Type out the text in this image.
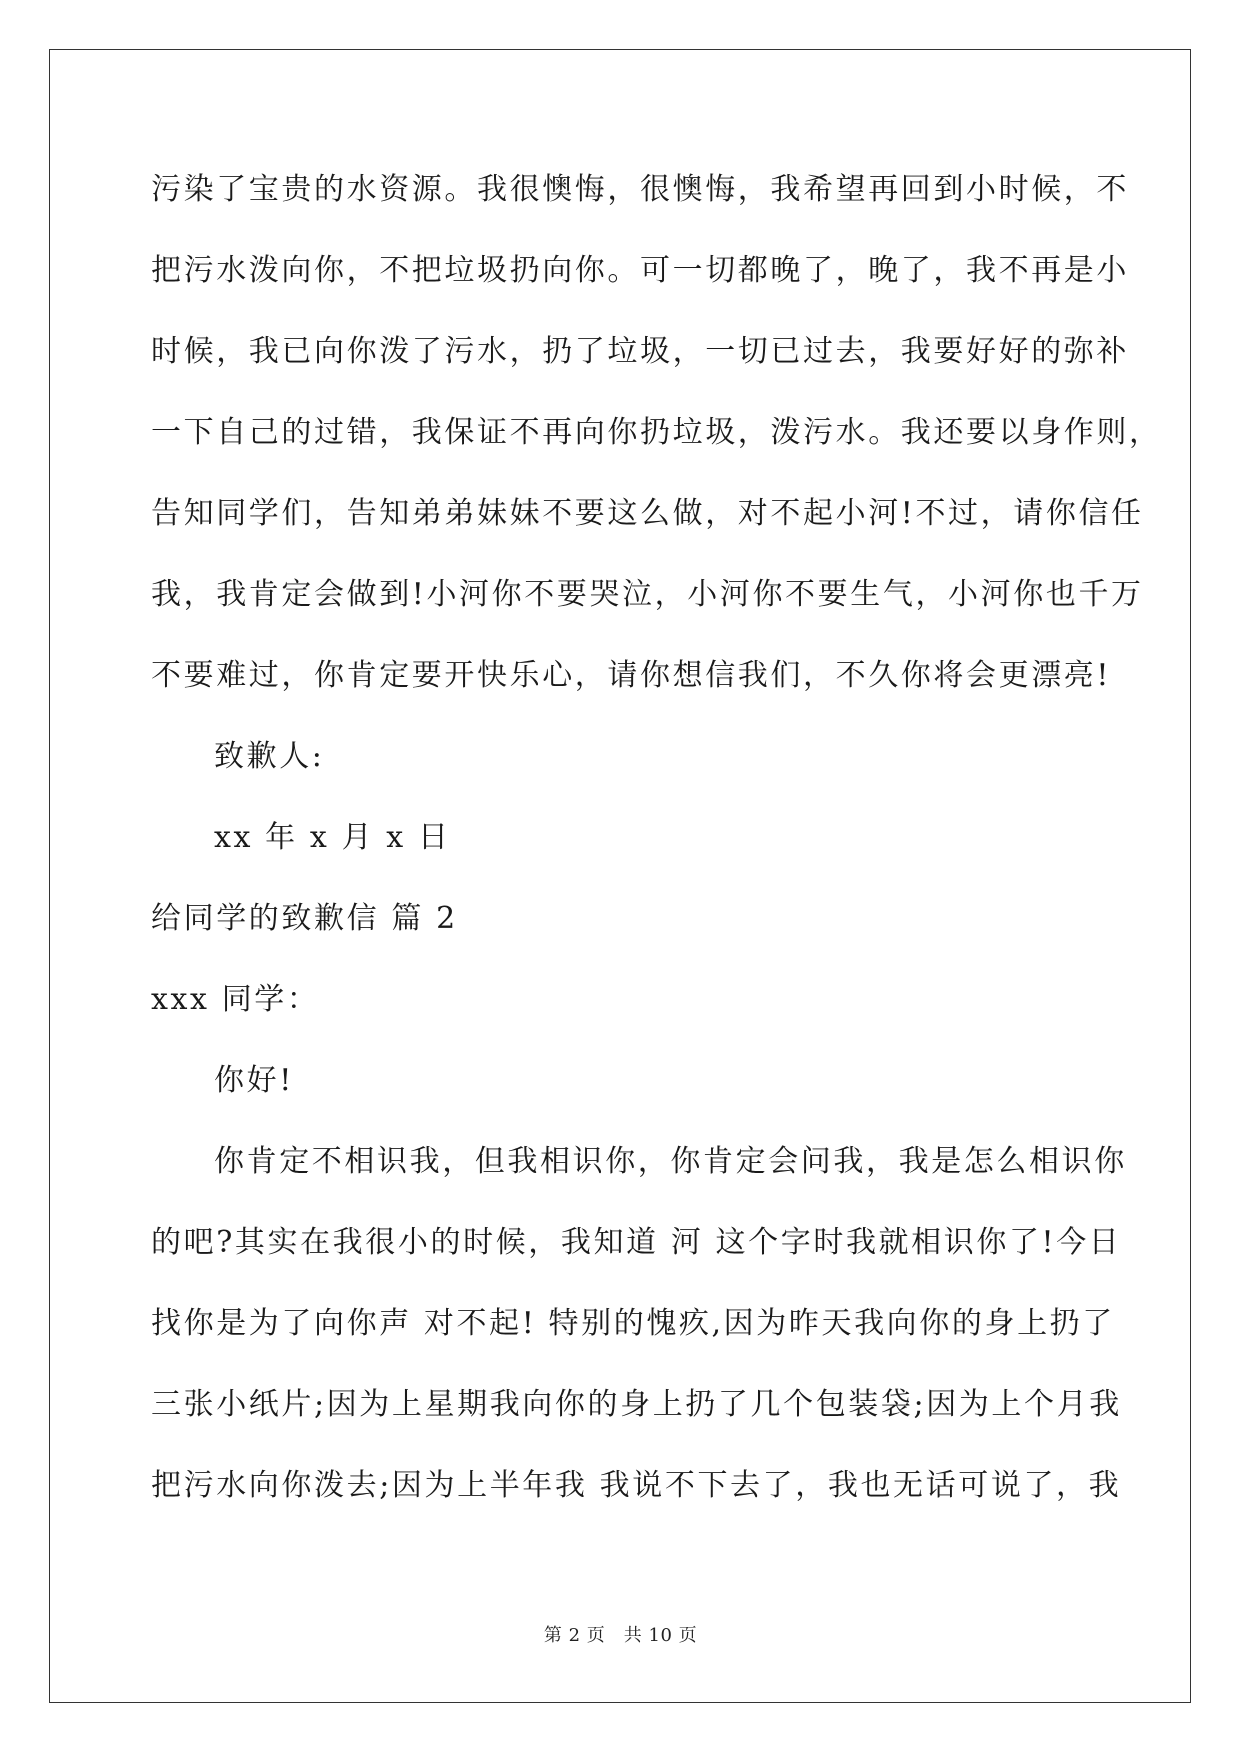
污染了宝贵的水资源。我很懊悔，很懊悔，我希望再回到小时候，不
把污水泼向你，不把垃圾扔向你。可一切都晚了，晚了，我不再是小
时候，我已向你泼了污水，扔了垃圾，一切已过去，我要好好的弥补
一下自己的过错，我保证不再向你扔垃圾，泼污水。我还要以身作则，
告知同学们，告知弟弟妹妹不要这么做，对不起小河!不过，请你信任
我，我肯定会做到!小河你不要哭泣，小河你不要生气，小河你也千万
不要难过，你肯定要开快乐心，请你想信我们，不久你将会更漂亮!
致歉人:
xx 年 x 月 x 日
给同学的致歉信 篇 2
xxx 同学：
你好!
你肯定不相识我，但我相识你，你肯定会问我，我是怎么相识你
的吧?其实在我很小的时候，我知道 河 这个字时我就相识你了!今日
找你是为了向你声 对不起! 特别的愧疚,因为昨天我向你的身上扔了
三张小纸片;因为上星期我向你的身上扔了几个包装袋;因为上个月我
把污水向你泼去;因为上半年我 我说不下去了，我也无话可说了，我
第 2 页　共 10 页
